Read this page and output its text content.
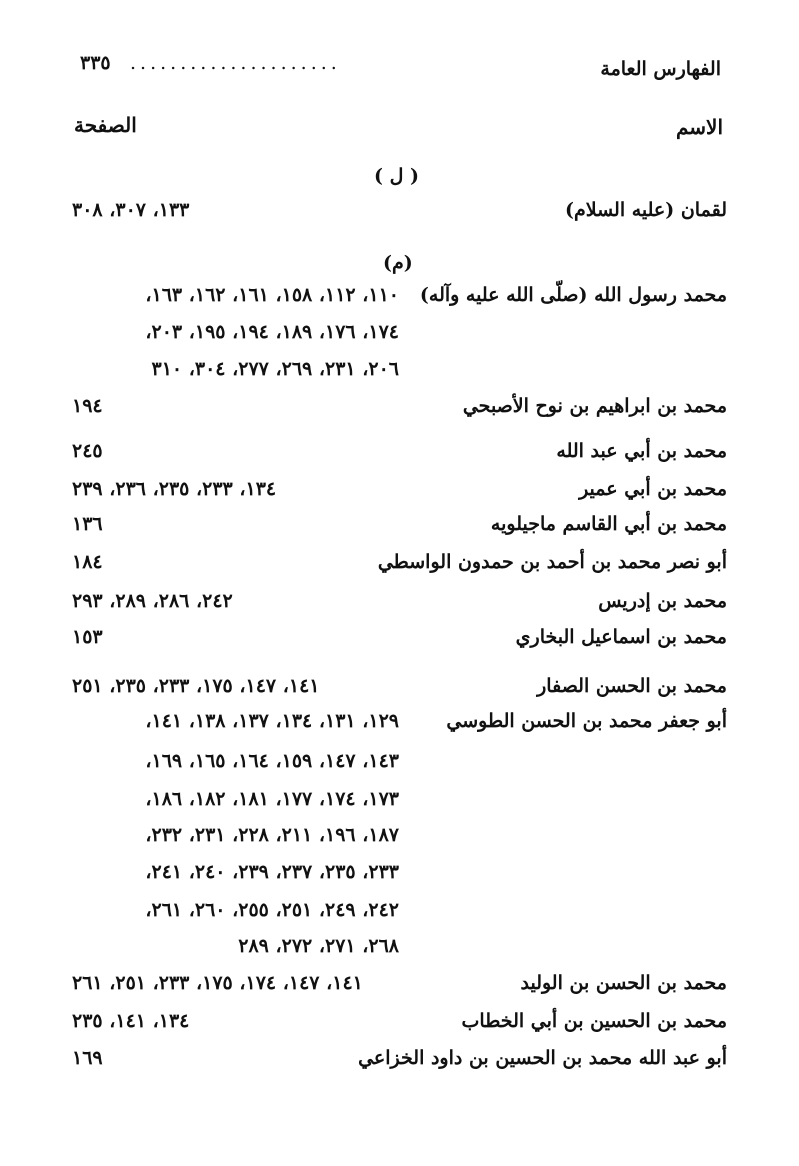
٣٣٥ .....................	الفهارس العامة
الاسم
الصفحة
( ل )
لقمان (عليه السلام)
١٣٣، ٣٠٧، ٣٠٨
(م)
محمد رسول الله (صلّى الله عليه وآله)
١١٠، ١١٢، ١٥٨، ١٦١، ١٦٢، ١٦٣،
١٧٤، ١٧٦، ١٨٩، ١٩٤، ١٩٥، ٢٠٣،
٢٠٦، ٢٣١، ٢٦٩، ٢٧٧، ٣٠٤، ٣١٠
محمد بن ابراهيم بن نوح الأصبحي
١٩٤
محمد بن أبي عبد الله
٢٤٥
محمد بن أبي عمير
١٣٤، ٢٣٣، ٢٣٥، ٢٣٦، ٢٣٩
محمد بن أبي القاسم ماجيلويه
١٣٦
أبو نصر محمد بن أحمد بن حمدون الواسطي
١٨٤
محمد بن إدريس
٢٤٢، ٢٨٦، ٢٨٩، ٢٩٣
محمد بن اسماعيل البخاري
١٥٣
محمد بن الحسن الصفار
١٤١، ١٤٧، ١٧٥، ٢٣٣، ٢٣٥، ٢٥١
أبو جعفر محمد بن الحسن الطوسي
١٢٩، ١٣١، ١٣٤، ١٣٧، ١٣٨، ١٤١،
١٤٣، ١٤٧، ١٥٩، ١٦٤، ١٦٥، ١٦٩،
١٧٣، ١٧٤، ١٧٧، ١٨١، ١٨٢، ١٨٦،
١٨٧، ١٩٦، ٢١١، ٢٢٨، ٢٣١، ٢٣٢،
٢٣٣، ٢٣٥، ٢٣٧، ٢٣٩، ٢٤٠، ٢٤١،
٢٤٢، ٢٤٩، ٢٥١، ٢٥٥، ٢٦٠، ٢٦١،
٢٦٨، ٢٧١، ٢٧٢، ٢٨٩
محمد بن الحسن بن الوليد
١٤١، ١٤٧، ١٧٤، ١٧٥، ٢٣٣، ٢٥١، ٢٦١
محمد بن الحسين بن أبي الخطاب
١٣٤، ١٤١، ٢٣٥
أبو عبد الله محمد بن الحسين بن داود الخزاعي
١٦٩
